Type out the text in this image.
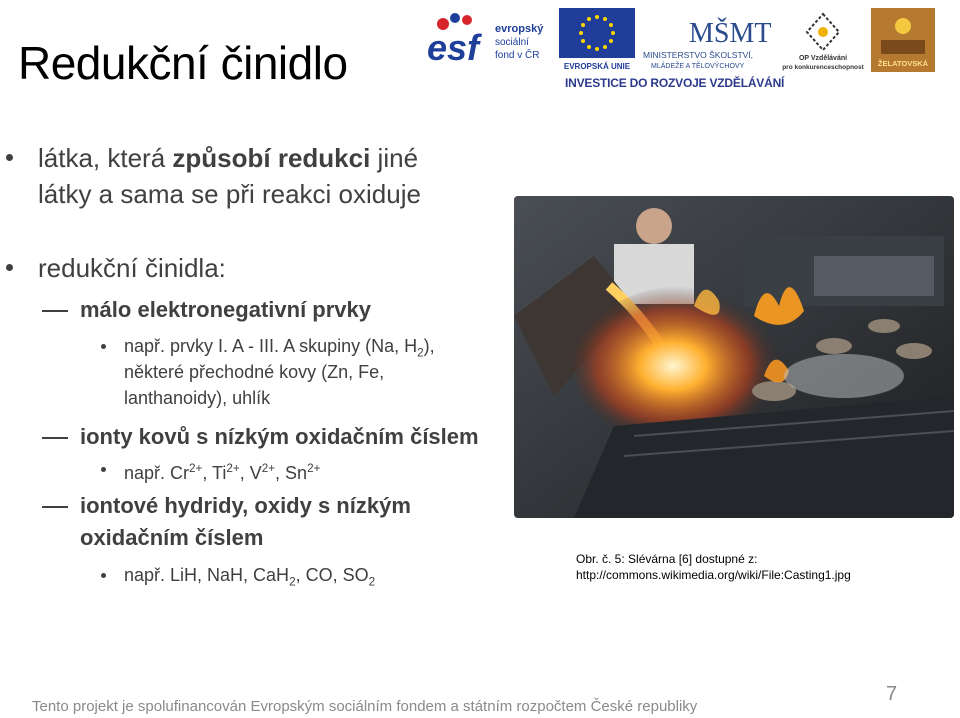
Redukční činidlo esf evropský
sociální
fond v ČR
EVROPSKÁ UNIE
MŠMT
MINISTERSTVO ŠKOLSTVÍ,
MLÁDEŽE A TĚLOVÝCHOVY
OP Vzdělávání
pro konkurenceschopnost ŽELATOVSKÁ
INVESTICE DO ROZVOJE VZDĚLÁVÁNÍ
látka, která způsobí redukci jiné
látky a sama se při reakci oxiduje
redukční činidla:
málo elektronegativní prvky
např. prvky I. A - III. A skupiny (Na, $H_2$),
některé přechodné kovy (Zn, Fe,
lanthanoidy), uhlík
ionty kovů s nízkým oxidačním číslem
např. $Cr^{2+}$, $Ti^{2+}$, $V^{2+}$, $Sn^{2+}$
iontové hydridy, oxidy s nízkým
oxidačním číslem
např. LiH, NaH, CaH$_2$, CO, $SO_2$
Obr. č. 5: Slévárna [6] dostupné z:
http://commons.wikimedia.org/wiki/File:Casting1.jpg
Tento projekt je spolufinancován Evropským sociálním fondem a státním rozpočtem České republiky
7
